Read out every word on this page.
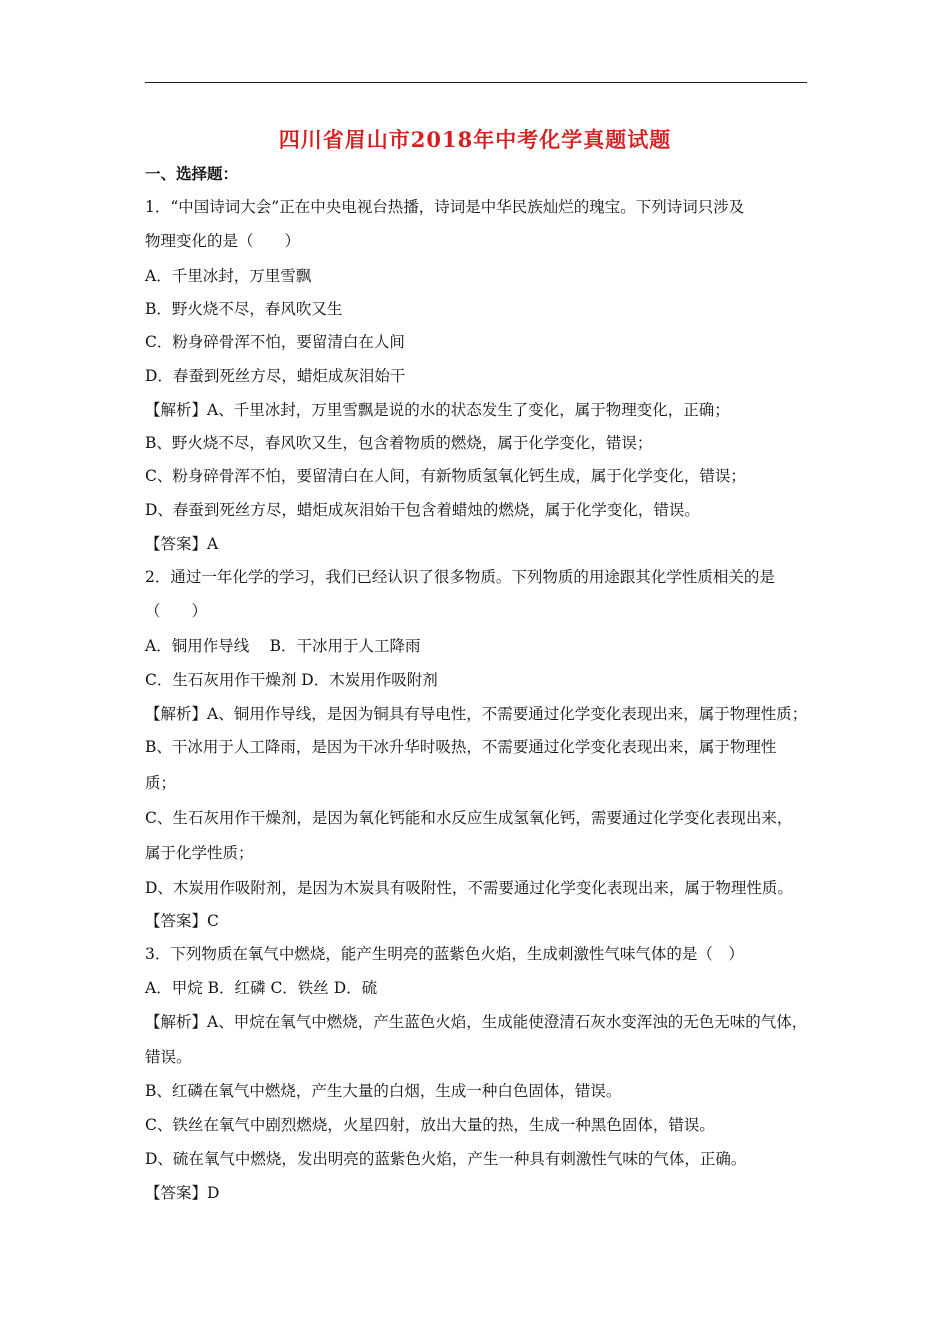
四川省眉山市2018年中考化学真题试题
一、选择题：
1．“中国诗词大会”正在中央电视台热播，诗词是中华民族灿烂的瑰宝。下列诗词只涉及
物理变化的是（　　）
A．千里冰封，万里雪飘
B．野火烧不尽，春风吹又生
C．粉身碎骨浑不怕，要留清白在人间
D．春蚕到死丝方尽，蜡炬成灰泪始干
【解析】A、千里冰封，万里雪飘是说的水的状态发生了变化，属于物理变化，正确；
B、野火烧不尽，春风吹又生，包含着物质的燃烧，属于化学变化，错误；
C、粉身碎骨浑不怕，要留清白在人间，有新物质氢氧化钙生成，属于化学变化，错误；
D、春蚕到死丝方尽，蜡炬成灰泪始干包含着蜡烛的燃烧，属于化学变化，错误。
【答案】A
2．通过一年化学的学习，我们已经认识了很多物质。下列物质的用途跟其化学性质相关的是
（　　）
A．铜用作导线　 B．干冰用于人工降雨
C．生石灰用作干燥剂 D．木炭用作吸附剂
【解析】A、铜用作导线，是因为铜具有导电性，不需要通过化学变化表现出来，属于物理性质；
B、干冰用于人工降雨，是因为干冰升华时吸热，不需要通过化学变化表现出来，属于物理性
质；
C、生石灰用作干燥剂，是因为氧化钙能和水反应生成氢氧化钙，需要通过化学变化表现出来，
属于化学性质；
D、木炭用作吸附剂，是因为木炭具有吸附性，不需要通过化学变化表现出来，属于物理性质。
【答案】C
3．下列物质在氧气中燃烧，能产生明亮的蓝紫色火焰，生成刺激性气味气体的是（　）
A．甲烷 B．红磷 C．铁丝 D．硫
【解析】A、甲烷在氧气中燃烧，产生蓝色火焰，生成能使澄清石灰水变浑浊的无色无味的气体，
错误。
B、红磷在氧气中燃烧，产生大量的白烟，生成一种白色固体，错误。
C、铁丝在氧气中剧烈燃烧，火星四射，放出大量的热，生成一种黑色固体，错误。
D、硫在氧气中燃烧，发出明亮的蓝紫色火焰，产生一种具有刺激性气味的气体，正确。
【答案】D
